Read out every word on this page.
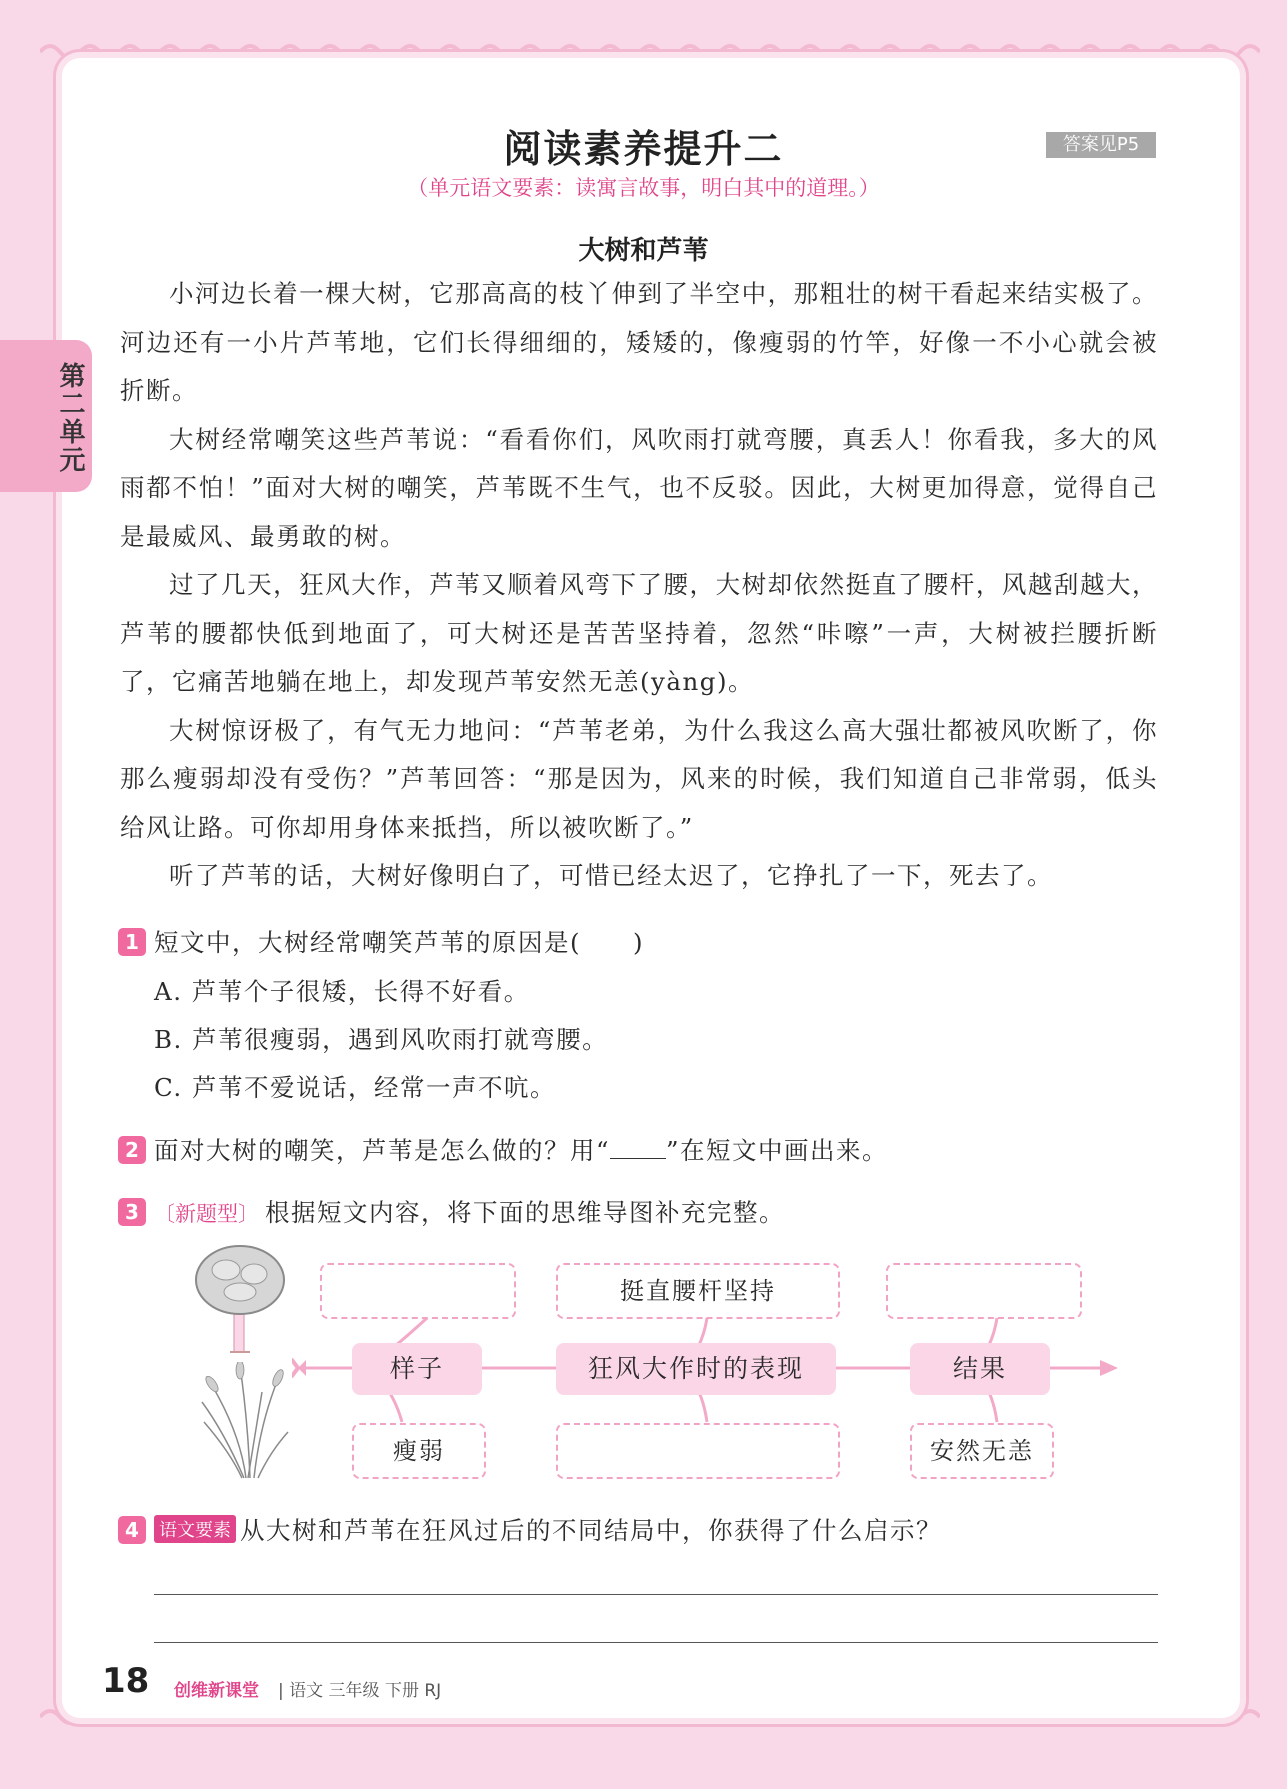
第二单元
阅读素养提升二	答案见P5
（单元语文要素：读寓言故事，明白其中的道理。）
大树和芦苇

小河边长着一棵大树，它那高高的枝丫伸到了半空中，那粗壮的树干看起来结实极了。河边还有一小片芦苇地，它们长得细细的，矮矮的，像瘦弱的竹竿，好像一不小心就会被折断。

大树经常嘲笑这些芦苇说：“看看你们，风吹雨打就弯腰，真丢人！你看我，多大的风雨都不怕！”面对大树的嘲笑，芦苇既不生气，也不反驳。因此，大树更加得意，觉得自己是最威风、最勇敢的树。

过了几天，狂风大作，芦苇又顺着风弯下了腰，大树却依然挺直了腰杆，风越刮越大，芦苇的腰都快低到地面了，可大树还是苦苦坚持着，忽然“咔嚓”一声，大树被拦腰折断了，它痛苦地躺在地上，却发现芦苇安然无恙(yàng)。

大树惊讶极了，有气无力地问：“芦苇老弟，为什么我这么高大强壮都被风吹断了，你那么瘦弱却没有受伤？”芦苇回答：“那是因为，风来的时候，我们知道自己非常弱，低头给风让路。可你却用身体来抵挡，所以被吹断了。”

听了芦苇的话，大树好像明白了，可惜已经太迟了，它挣扎了一下，死去了。

1 短文中，大树经常嘲笑芦苇的原因是(　　)
A. 芦苇个子很矮，长得不好看。
B. 芦苇很瘦弱，遇到风吹雨打就弯腰。
C. 芦苇不爱说话，经常一声不吭。
2 面对大树的嘲笑，芦苇是怎么做的？用“ ”在短文中画出来。
3 〔新题型〕 根据短文内容，将下面的思维导图补充完整。
挺直腰杆坚持
样子	狂风大作时的表现	结果
瘦弱	安然无恙
4 语文要素 从大树和芦苇在狂风过后的不同结局中，你获得了什么启示？
18 创维新课堂 | 语文 三年级 下册 RJ
